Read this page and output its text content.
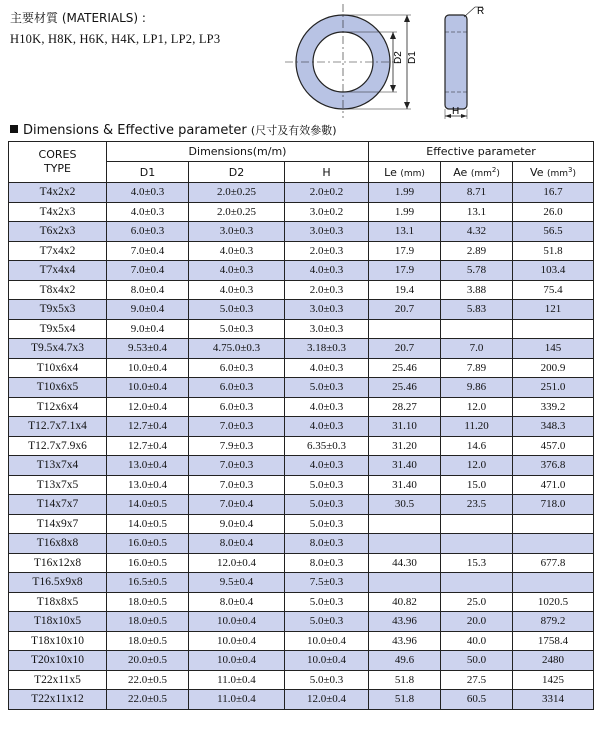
主要材質 (MATERIALS) :
H10K, H8K, H6K, H4K, LP1, LP2, LP3
D2 D1
R
H
Dimensions & Effective parameter (尺寸及有效參數)
CORES
TYPE	Dimensions(m/m)			Effective parameter		
	D1	D2	H	Le (mm)	Ae $(mm^2)$	Ve $(mm^3)$
T4x2x2	4.0±0.3	2.0±0.25	2.0±0.2	1.99	8.71	16.7
T4x2x3	4.0±0.3	2.0±0.25	3.0±0.2	1.99	13.1	26.0
T6x2x3	6.0±0.3	3.0±0.3	3.0±0.3	13.1	4.32	56.5
T7x4x2	7.0±0.4	4.0±0.3	2.0±0.3	17.9	2.89	51.8
T7x4x4	7.0±0.4	4.0±0.3	4.0±0.3	17.9	5.78	103.4
T8x4x2	8.0±0.4	4.0±0.3	2.0±0.3	19.4	3.88	75.4
T9x5x3	9.0±0.4	5.0±0.3	3.0±0.3	20.7	5.83	121
T9x5x4	9.0±0.4	5.0±0.3	3.0±0.3			
T9.5x4.7x3	9.53±0.4	4.75.0±0.3	3.18±0.3	20.7	7.0	145
T10x6x4	10.0±0.4	6.0±0.3	4.0±0.3	25.46	7.89	200.9
T10x6x5	10.0±0.4	6.0±0.3	5.0±0.3	25.46	9.86	251.0
T12x6x4	12.0±0.4	6.0±0.3	4.0±0.3	28.27	12.0	339.2
T12.7x7.1x4	12.7±0.4	7.0±0.3	4.0±0.3	31.10	11.20	348.3
T12.7x7.9x6	12.7±0.4	7.9±0.3	6.35±0.3	31.20	14.6	457.0
T13x7x4	13.0±0.4	7.0±0.3	4.0±0.3	31.40	12.0	376.8
T13x7x5	13.0±0.4	7.0±0.3	5.0±0.3	31.40	15.0	471.0
T14x7x7	14.0±0.5	7.0±0.4	5.0±0.3	30.5	23.5	718.0
T14x9x7	14.0±0.5	9.0±0.4	5.0±0.3			
T16x8x8	16.0±0.5	8.0±0.4	8.0±0.3			
T16x12x8	16.0±0.5	12.0±0.4	8.0±0.3	44.30	15.3	677.8
T16.5x9x8	16.5±0.5	9.5±0.4	7.5±0.3			
T18x8x5	18.0±0.5	8.0±0.4	5.0±0.3	40.82	25.0	1020.5
T18x10x5	18.0±0.5	10.0±0.4	5.0±0.3	43.96	20.0	879.2
T18x10x10	18.0±0.5	10.0±0.4	10.0±0.4	43.96	40.0	1758.4
T20x10x10	20.0±0.5	10.0±0.4	10.0±0.4	49.6	50.0	2480
T22x11x5	22.0±0.5	11.0±0.4	5.0±0.3	51.8	27.5	1425
T22x11x12	22.0±0.5	11.0±0.4	12.0±0.4	51.8	60.5	3314
